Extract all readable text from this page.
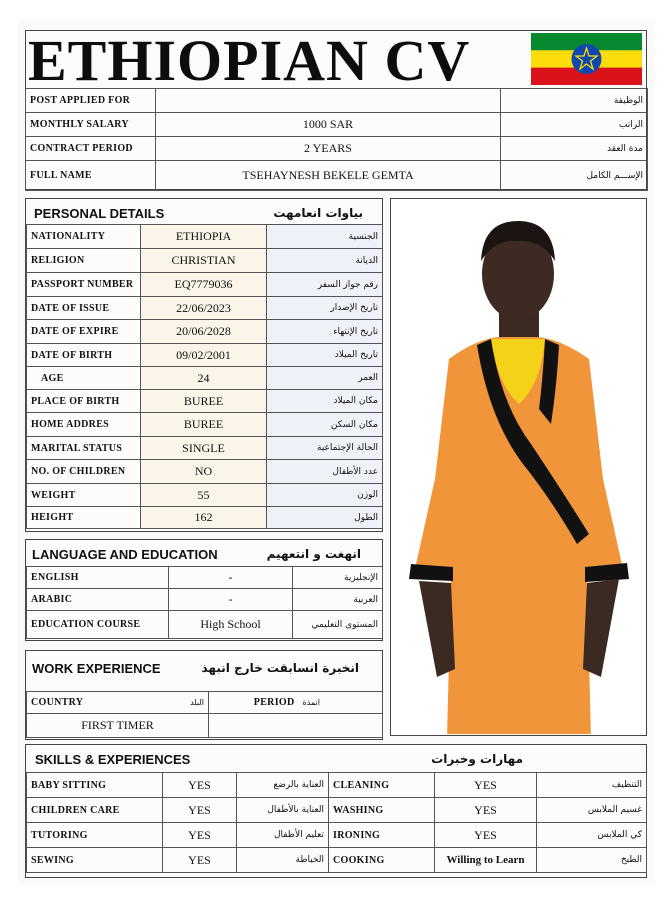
ETHIOPIAN CV
POST APPLIED FOR		الوظيفة
MONTHLY SALARY	1000 SAR	الراتب
CONTRACT PERIOD	2 YEARS	مدة العقد
FULL NAME	TSEHAYNESH BEKELE GEMTA	الإســـم الكامل
PERSONAL DETAILS	بياوات انعامهت
NATIONALITY	ETHIOPIA	الجنسية
RELIGION	CHRISTIAN	الديانة
PASSPORT NUMBER	EQ7779036	رقم جواز السفر
DATE OF ISSUE	22/06/2023	تاريخ الإصدار
DATE OF EXPIRE	20/06/2028	تاريخ الإنتهاء
DATE OF BIRTH	09/02/2001	تاريخ الميلاد
AGE	24	العمر
PLACE OF BIRTH	BUREE	مكان الميلاد
HOME ADDRES	BUREE	مكان السكن
MARITAL STATUS	SINGLE	الحالة الإجتماعية
NO. OF CHILDREN	NO	عدد الأطفال
WEIGHT	55	الوزن
HEIGHT	162	الطول
LANGUAGE AND EDUCATION	انهغت و انتعهيم
ENGLISH	-	الإنجليزية
ARABIC	-	العربية
EDUCATION COURSE	High School	المستوى التعليمي
WORK EXPERIENCE	انخبرة انسابقت خارج انبهذ
COUNTRY	البلد	PERIOD	انمذة
FIRST TIMER			
SKILLS & EXPERIENCES	مهارات وخبرات
BABY SITTING	YES	العناية بالرضع	CLEANING	YES	التنظيف
CHILDREN CARE	YES	العناية بالأطفال	WASHING	YES	غسيم الملابس
TUTORING	YES	تعليم الأطفال	IRONING	YES	كي الملابس
SEWING	YES	الخياطة	COOKING	Willing to Learn	الطبخ
